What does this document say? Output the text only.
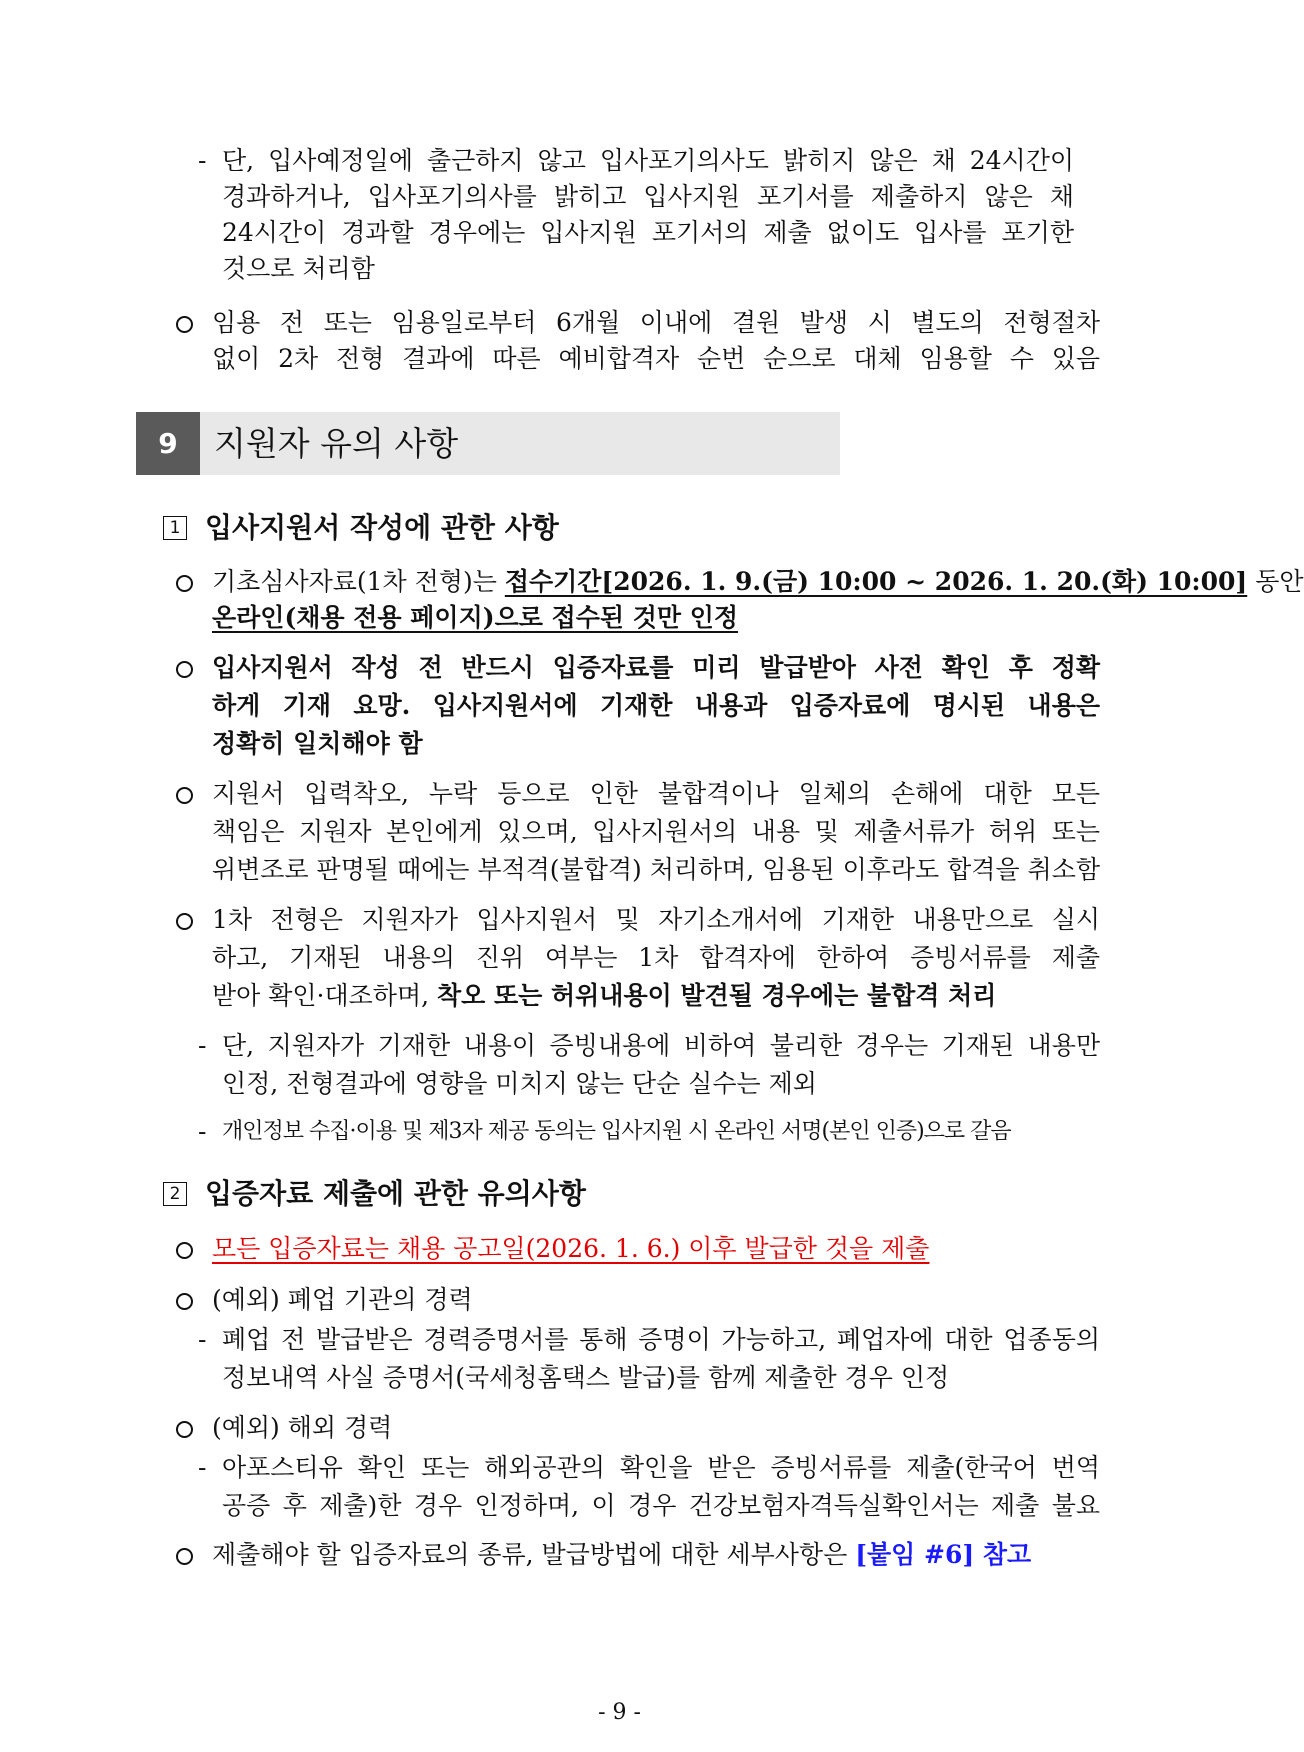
- 단, 입사예정일에 출근하지 않고 입사포기의사도 밝히지 않은 채 24시간이
경과하거나, 입사포기의사를 밝히고 입사지원 포기서를 제출하지 않은 채
24시간이 경과할 경우에는 입사지원 포기서의 제출 없이도 입사를 포기한
것으로 처리함
임용 전 또는 임용일로부터 6개월 이내에 결원 발생 시 별도의 전형절차
없이 2차 전형 결과에 따른 예비합격자 순번 순으로 대체 임용할 수 있음
9	지원자 유의 사항
1 입사지원서 작성에 관한 사항
기초심사자료(1차 전형)는 접수기간[2026. 1. 9.(금) 10:00 ~ 2026. 1. 20.(화) 10:00] 동안
온라인(채용 전용 페이지)으로 접수된 것만 인정
입사지원서 작성 전 반드시 입증자료를 미리 발급받아 사전 확인 후 정확
하게 기재 요망. 입사지원서에 기재한 내용과 입증자료에 명시된 내용은
정확히 일치해야 함
지원서 입력착오, 누락 등으로 인한 불합격이나 일체의 손해에 대한 모든
책임은 지원자 본인에게 있으며, 입사지원서의 내용 및 제출서류가 허위 또는
위변조로 판명될 때에는 부적격(불합격) 처리하며, 임용된 이후라도 합격을 취소함
1차 전형은 지원자가 입사지원서 및 자기소개서에 기재한 내용만으로 실시
하고, 기재된 내용의 진위 여부는 1차 합격자에 한하여 증빙서류를 제출
받아 확인·대조하며, 착오 또는 허위내용이 발견될 경우에는 불합격 처리
- 단, 지원자가 기재한 내용이 증빙내용에 비하여 불리한 경우는 기재된 내용만
인정, 전형결과에 영향을 미치지 않는 단순 실수는 제외
- 개인정보 수집·이용 및 제3자 제공 동의는 입사지원 시 온라인 서명(본인 인증)으로 갈음
2 입증자료 제출에 관한 유의사항
모든 입증자료는 채용 공고일(2026. 1. 6.) 이후 발급한 것을 제출
(예외) 폐업 기관의 경력
- 폐업 전 발급받은 경력증명서를 통해 증명이 가능하고, 폐업자에 대한 업종동의
정보내역 사실 증명서(국세청홈택스 발급)를 함께 제출한 경우 인정
(예외) 해외 경력
- 아포스티유 확인 또는 해외공관의 확인을 받은 증빙서류를 제출(한국어 번역
공증 후 제출)한 경우 인정하며, 이 경우 건강보험자격득실확인서는 제출 불요
제출해야 할 입증자료의 종류, 발급방법에 대한 세부사항은 [붙임 #6] 참고
- 9 -
